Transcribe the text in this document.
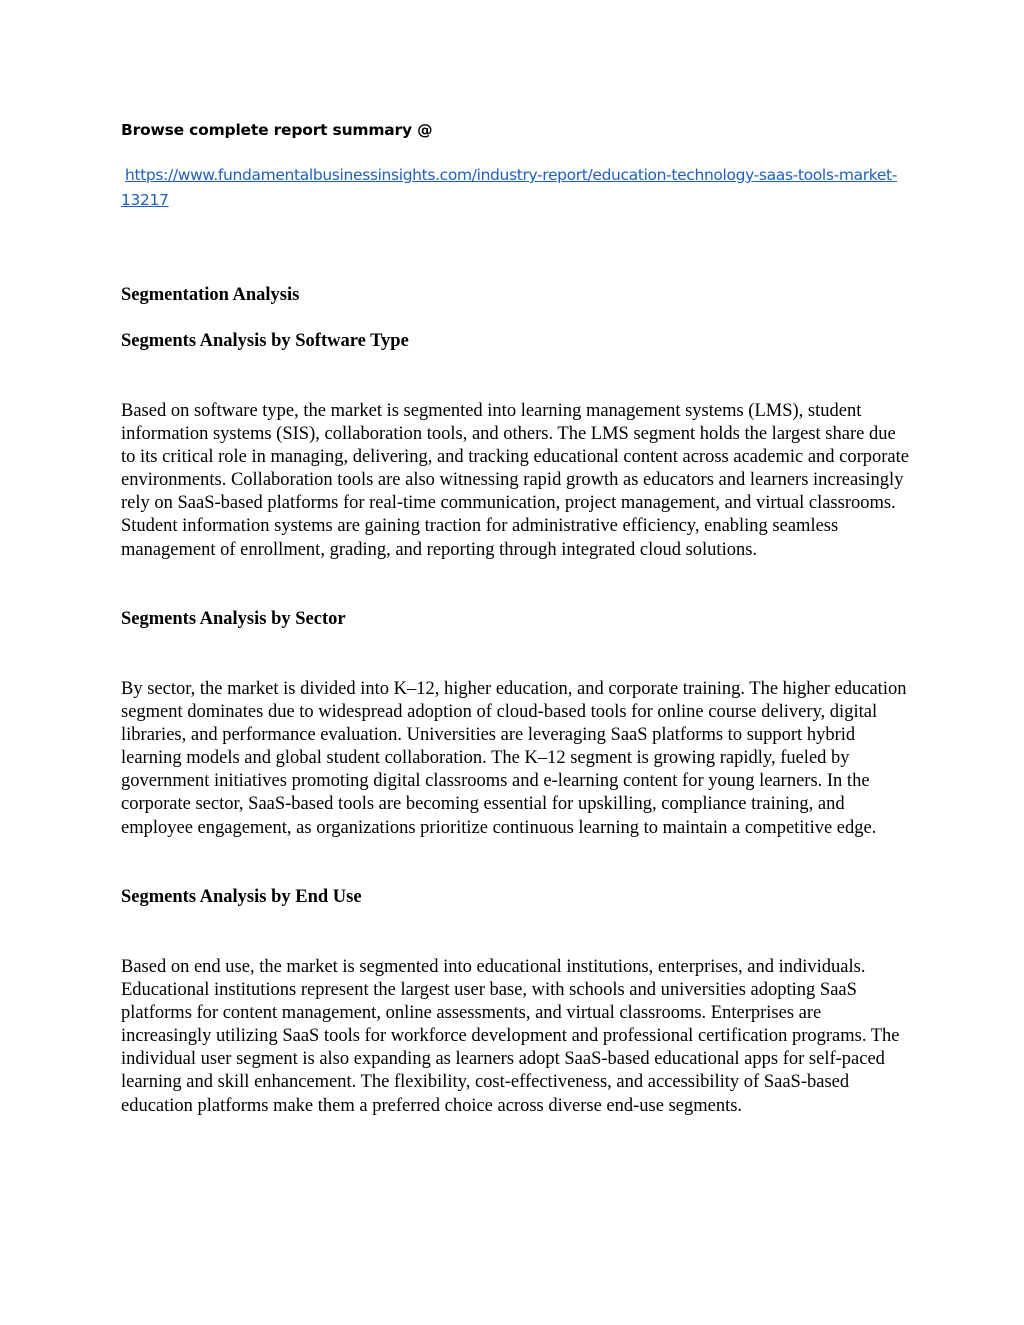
Browse complete report summary @

https://www.fundamentalbusinessinsights.com/industry-report/education-technology-saas-tools-market-13217

Segmentation Analysis
Segments Analysis by Software Type

Based on software type, the market is segmented into learning management systems (LMS), student information systems (SIS), collaboration tools, and others. The LMS segment holds the largest share due to its critical role in managing, delivering, and tracking educational content across academic and corporate environments. Collaboration tools are also witnessing rapid growth as educators and learners increasingly rely on SaaS-based platforms for real-time communication, project management, and virtual classrooms. Student information systems are gaining traction for administrative efficiency, enabling seamless management of enrollment, grading, and reporting through integrated cloud solutions.

Segments Analysis by Sector

By sector, the market is divided into K–12, higher education, and corporate training. The higher education segment dominates due to widespread adoption of cloud-based tools for online course delivery, digital libraries, and performance evaluation. Universities are leveraging SaaS platforms to support hybrid learning models and global student collaboration. The K–12 segment is growing rapidly, fueled by government initiatives promoting digital classrooms and e-learning content for young learners. In the corporate sector, SaaS-based tools are becoming essential for upskilling, compliance training, and employee engagement, as organizations prioritize continuous learning to maintain a competitive edge.

Segments Analysis by End Use

Based on end use, the market is segmented into educational institutions, enterprises, and individuals. Educational institutions represent the largest user base, with schools and universities adopting SaaS platforms for content management, online assessments, and virtual classrooms. Enterprises are increasingly utilizing SaaS tools for workforce development and professional certification programs. The individual user segment is also expanding as learners adopt SaaS-based educational apps for self-paced learning and skill enhancement. The flexibility, cost-effectiveness, and accessibility of SaaS-based education platforms make them a preferred choice across diverse end-use segments.
